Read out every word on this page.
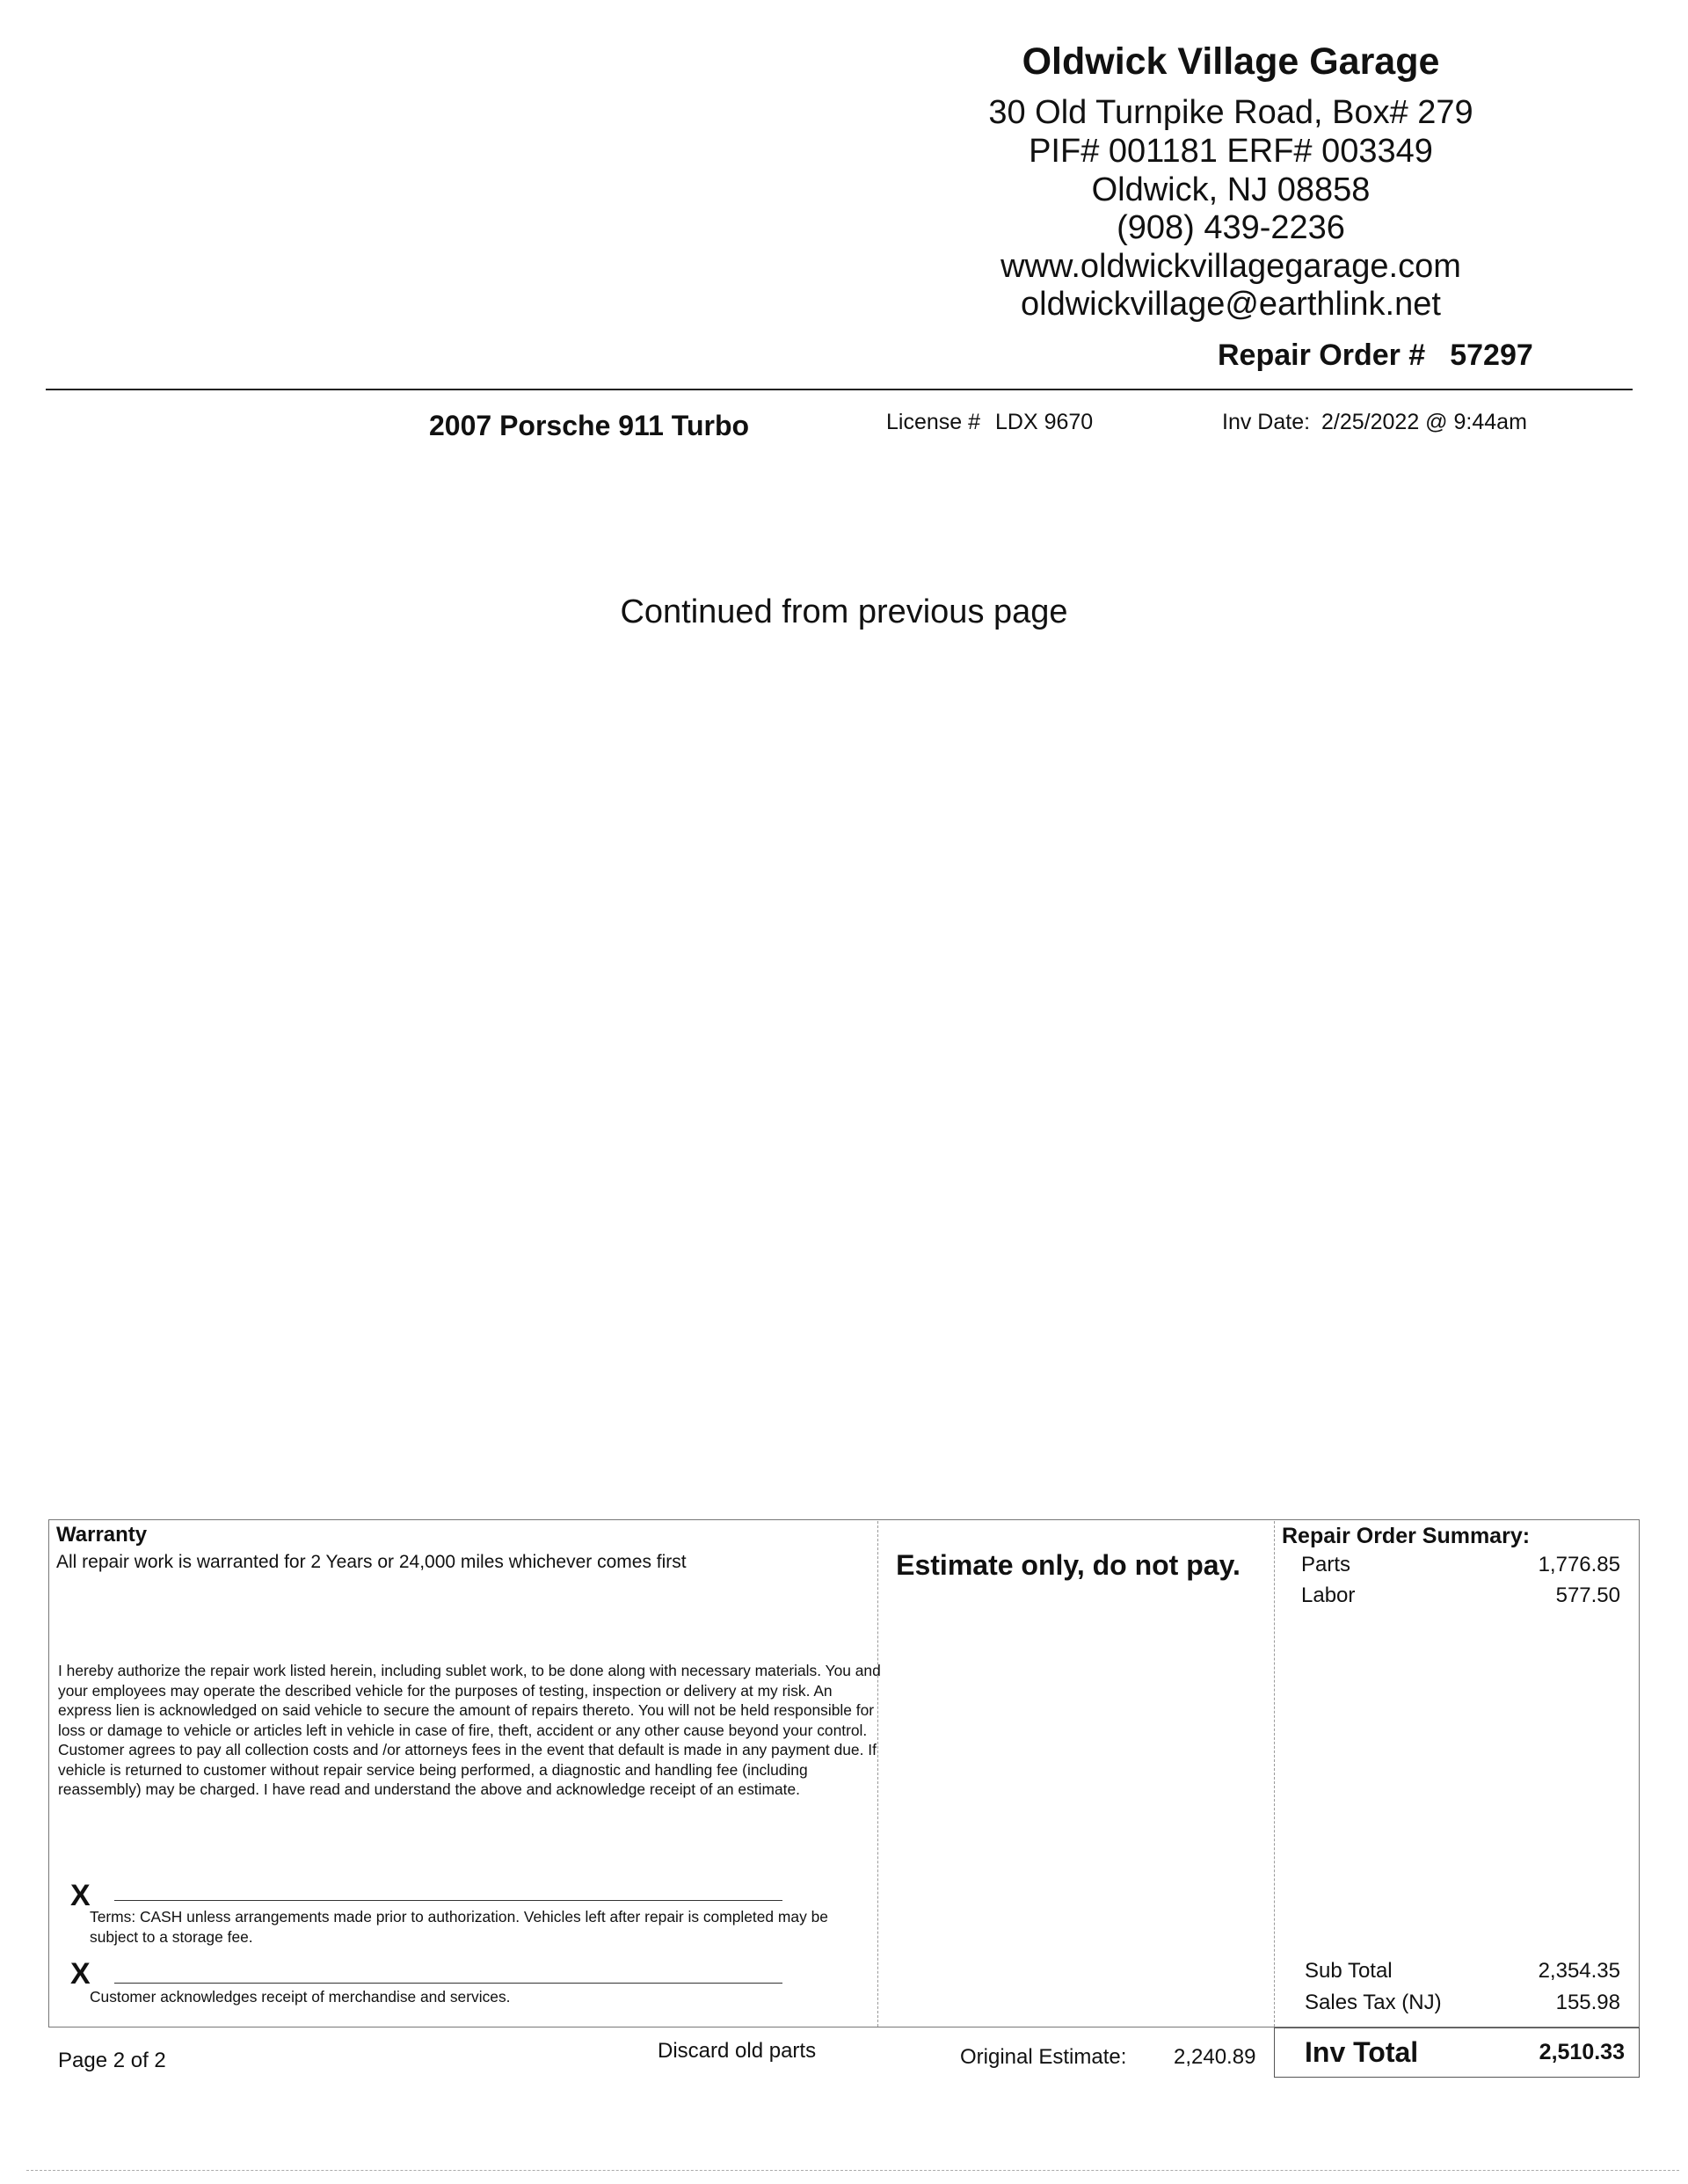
Oldwick Village Garage
30 Old Turnpike Road, Box# 279
PIF# 001181 ERF# 003349
Oldwick, NJ 08858
(908) 439-2236
www.oldwickvillagegarage.com
oldwickvillage@earthlink.net
Repair Order # 57297
2007 Porsche 911 Turbo	License # LDX 9670	Inv Date: 2/25/2022 @ 9:44am
Continued from previous page
Warranty
All repair work is warranted for 2 Years or 24,000 miles whichever comes first
I hereby authorize the repair work listed herein, including sublet work, to be done along with necessary materials. You and your employees may operate the described vehicle for the purposes of testing, inspection or delivery at my risk. An express lien is acknowledged on said vehicle to secure the amount of repairs thereto. You will not be held responsible for loss or damage to vehicle or articles left in vehicle in case of fire, theft, accident or any other cause beyond your control. Customer agrees to pay all collection costs and /or attorneys fees in the event that default is made in any payment due. If vehicle is returned to customer without repair service being performed, a diagnostic and handling fee (including reassembly) may be charged. I have read and understand the above and acknowledge receipt of an estimate.
X
Terms: CASH unless arrangements made prior to authorization. Vehicles left after repair is completed may be subject to a storage fee.
X
Customer acknowledges receipt of merchandise and services.
Estimate only, do not pay.
Repair Order Summary:
Parts	1,776.85
Labor	577.50
Sub Total	2,354.35
Sales Tax (NJ)	155.98
Page 2 of 2	Discard old parts	Original Estimate: 2,240.89 Inv Total	2,510.33
